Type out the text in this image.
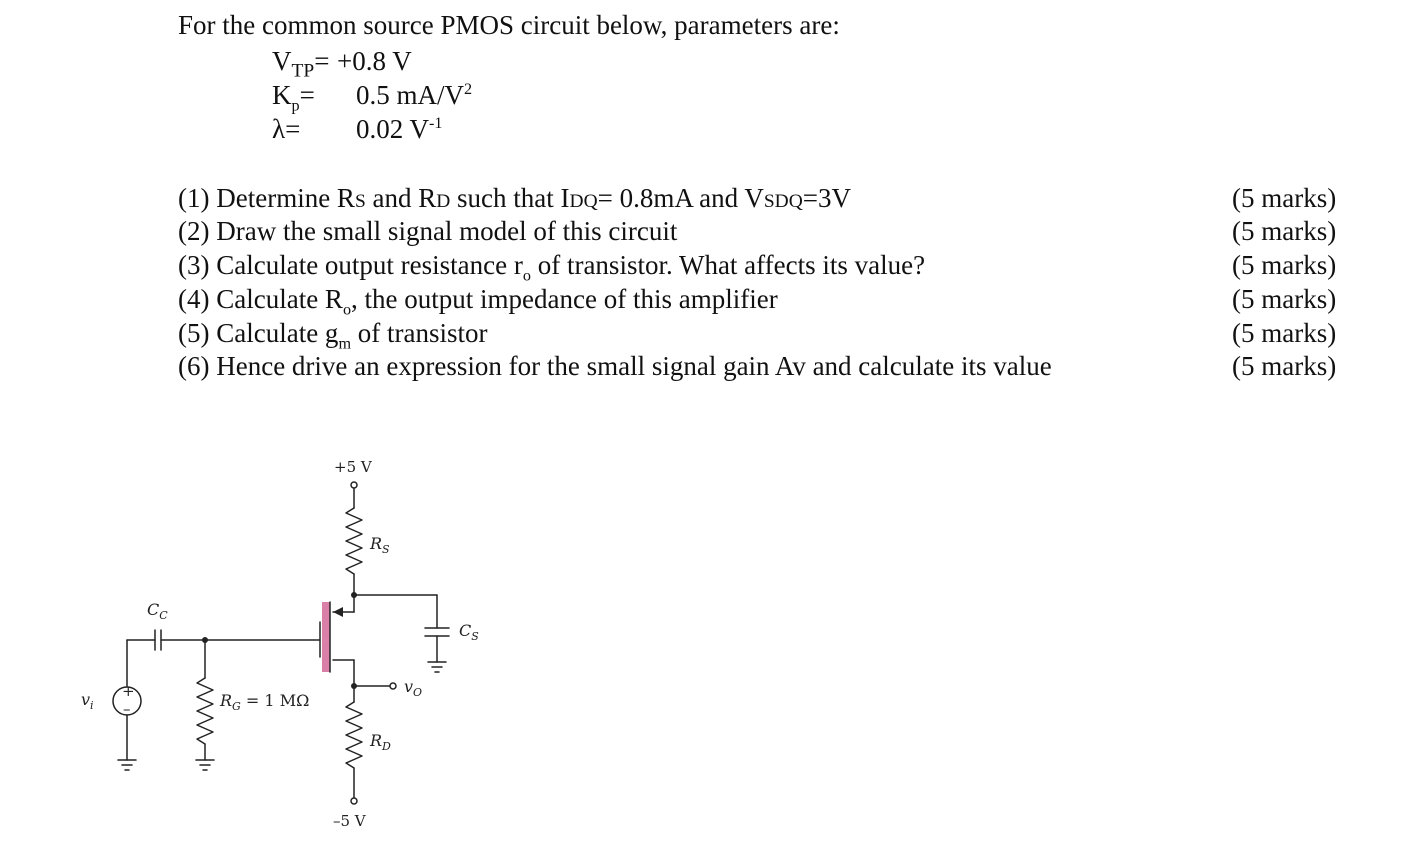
For the common source PMOS circuit below, parameters are:
$V_{TP}= +0.8$ V
$K_p= 0.5$ $mA/V^2$
λ= 0.02 $V^{-1}$
(1) Determine RS and RD such that IDQ= 0.8mA and VSDQ=3V
(2) Draw the small signal model of this circuit
(3) Calculate output resistance $r_o$ of transistor. What affects its value?
(4) Calculate $R_o$, the output impedance of this amplifier
(5) Calculate $g_m$ of transistor
(6) Hence drive an expression for the small signal gain Av and calculate its value
(5 marks)
(5 marks)
(5 marks)
(5 marks)
(5 marks)
(5 marks)
+5 V
–5 V
$R_S$
$R_D$
$C_C$
$C_S$
$R_G = 1$ MΩ
$v_i$
$v_O$
+
–
